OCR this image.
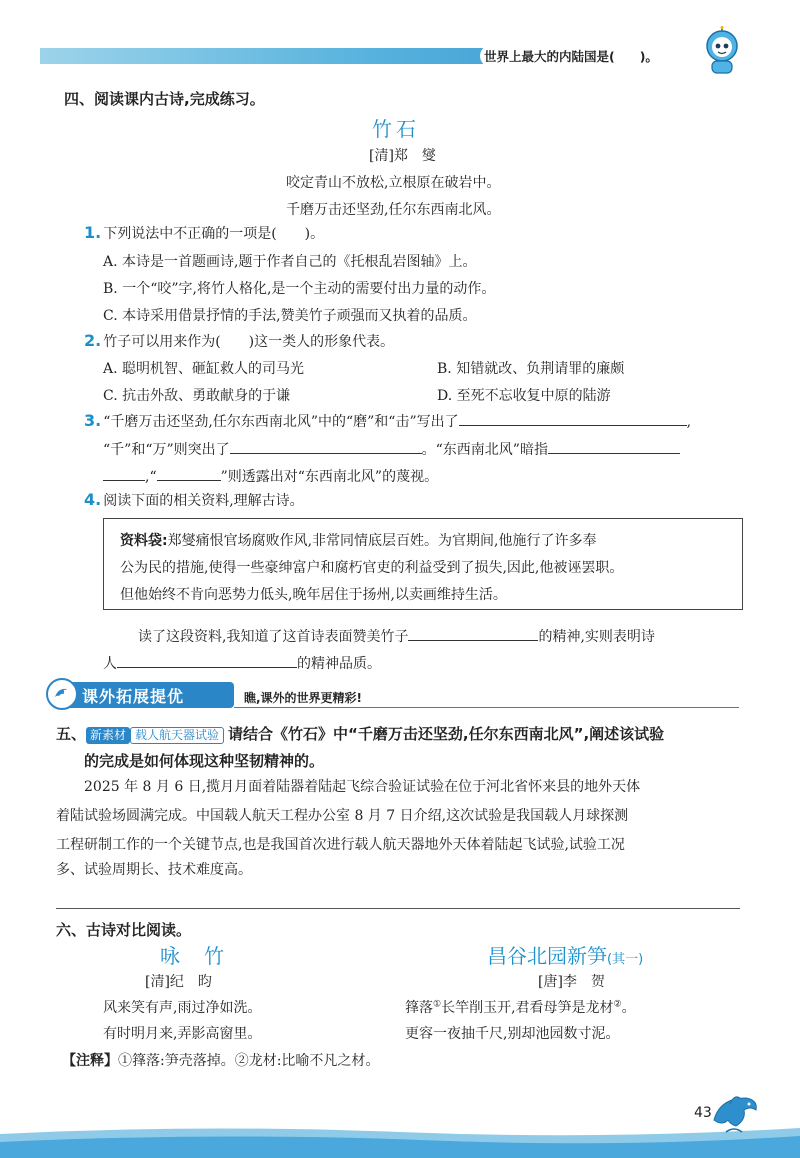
世界上最大的内陆国是(　　)。
四、阅读课内古诗,完成练习。
竹石
[清]郑　燮
咬定青山不放松,立根原在破岩中。
千磨万击还坚劲,任尔东西南北风。
1. 下列说法中不正确的一项是(　　)。
A. 本诗是一首题画诗,题于作者自己的《托根乱岩图轴》上。
B. 一个“咬”字,将竹人格化,是一个主动的需要付出力量的动作。
C. 本诗采用借景抒情的手法,赞美竹子顽强而又执着的品质。
2. 竹子可以用来作为(　　)这一类人的形象代表。
A. 聪明机智、砸缸救人的司马光	B. 知错就改、负荆请罪的廉颇
C. 抗击外敌、勇敢献身的于谦	D. 至死不忘收复中原的陆游
3. “千磨万击还坚劲,任尔东西南北风”中的“磨”和“击”写出了	,
“千”和“万”则突出了	。“东西南北风”暗指
,“	”则透露出对“东西南北风”的蔑视。
4. 阅读下面的相关资料,理解古诗。
资料袋:郑燮痛恨官场腐败作风,非常同情底层百姓。为官期间,他施行了许多奉
公为民的措施,使得一些豪绅富户和腐朽官吏的利益受到了损失,因此,他被诬罢职。
但他始终不肯向恶势力低头,晚年居住于扬州,以卖画维持生活。
读了这段资料,我知道了这首诗表面赞美竹子	的精神,实则表明诗
人	的精神品质。
课外拓展提优	瞧,课外的世界更精彩!
五、 新素材 载人航天器试验 请结合《竹石》中“千磨万击还坚劲,任尔东西南北风”,阐述该试验
的完成是如何体现这种坚韧精神的。
2025 年 8 月 6 日,揽月月面着陆器着陆起飞综合验证试验在位于河北省怀来县的地外天体
着陆试验场圆满完成。中国载人航天工程办公室 8 月 7 日介绍,这次试验是我国载人月球探测
工程研制工作的一个关键节点,也是我国首次进行载人航天器地外天体着陆起飞试验,试验工况
多、试验周期长、技术难度高。
六、古诗对比阅读。
咏　竹
[清]纪　昀
风来笑有声,雨过净如洗。
有时明月来,弄影高窗里。
昌谷北园新笋(其一)
[唐]李　贺
箨落①长竿削玉开,君看母笋是龙材②。
更容一夜抽千尺,别却池园数寸泥。
【注释】①箨落:笋壳落掉。②龙材:比喻不凡之材。
43
